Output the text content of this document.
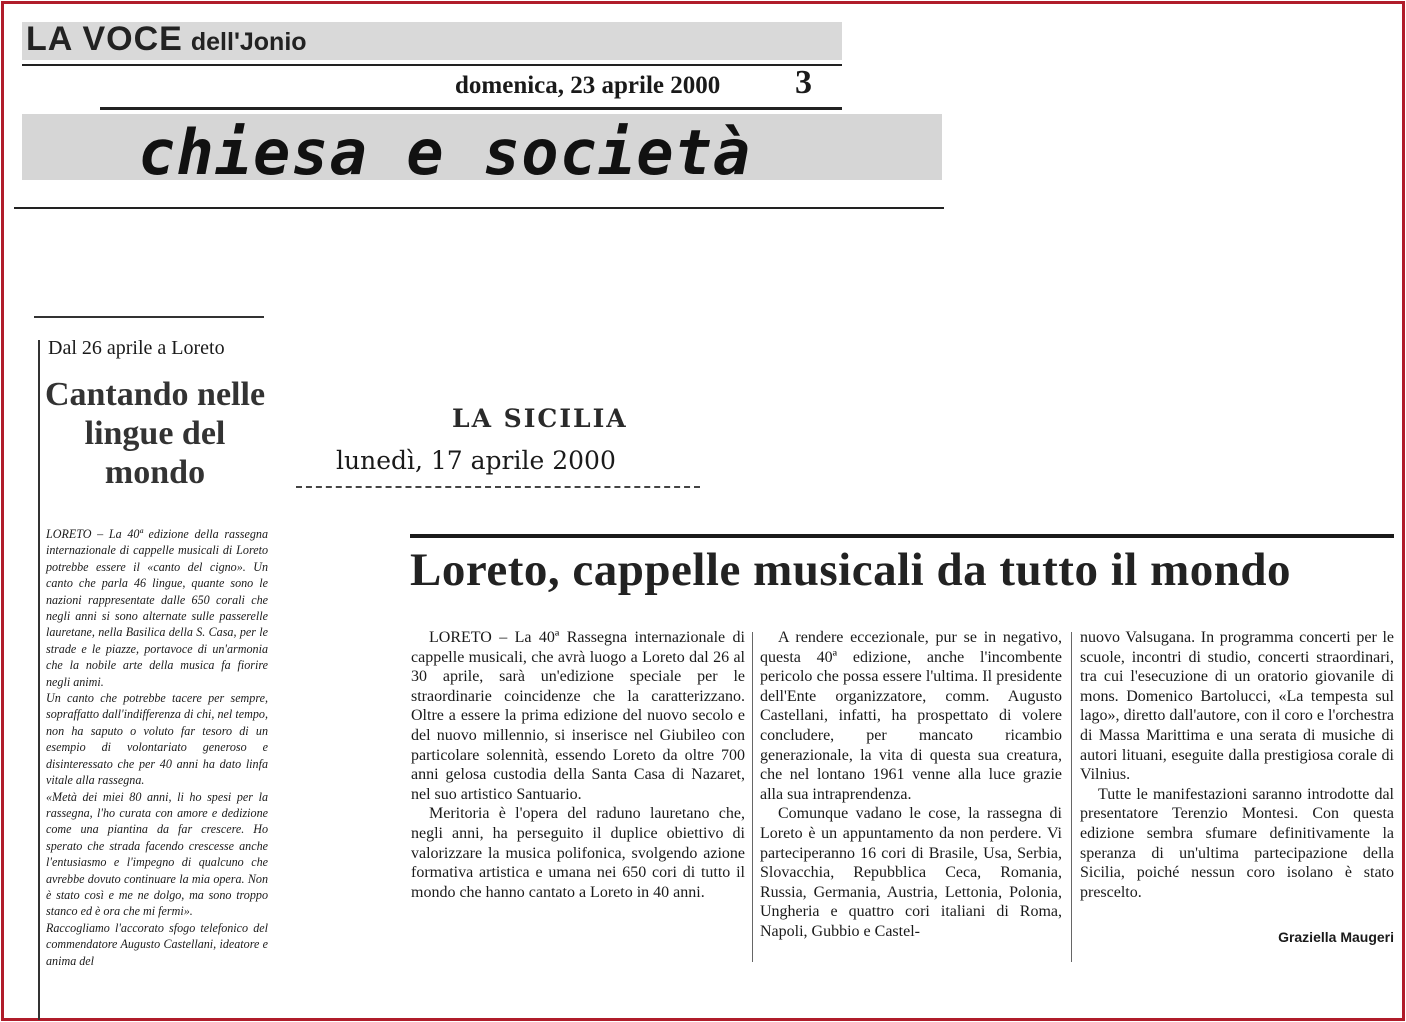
LA VOCE dell'Jonio
domenica, 23 aprile 2000 3
chiesa e società
Dal 26 aprile a Loreto
Cantando nelle lingue del mondo

LORETO – La 40ª edizione della rassegna internazionale di cappelle musicali di Loreto potrebbe essere il «canto del cigno». Un canto che parla 46 lingue, quante sono le nazioni rappresentate dalle 650 corali che negli anni si sono alternate sulle passerelle lauretane, nella Basilica della S. Casa, per le strade e le piazze, portavoce di un'armonia che la nobile arte della musica fa fiorire negli animi.

Un canto che potrebbe tacere per sempre, sopraffatto dall'indifferenza di chi, nel tempo, non ha saputo o voluto far tesoro di un esempio di volontariato generoso e disinteressato che per 40 anni ha dato linfa vitale alla rassegna.

«Metà dei miei 80 anni, li ho spesi per la rassegna, l'ho curata con amore e dedizione come una piantina da far crescere. Ho sperato che strada facendo crescesse anche l'entusiasmo e l'impegno di qualcuno che avrebbe dovuto continuare la mia opera. Non è stato così e me ne dolgo, ma sono troppo stanco ed è ora che mi fermi».

Raccogliamo l'accorato sfogo telefonico del commendatore Augusto Castellani, ideatore e anima del

LA SICILIA
lunedì, 17 aprile 2000
Loreto, cappelle musicali da tutto il mondo

LORETO – La 40ª Rassegna internazionale di cappelle musicali, che avrà luogo a Loreto dal 26 al 30 aprile, sarà un'edizione speciale per le straordinarie coincidenze che la caratterizzano. Oltre a essere la prima edizione del nuovo secolo e del nuovo millennio, si inserisce nel Giubileo con particolare solennità, essendo Loreto da oltre 700 anni gelosa custodia della Santa Casa di Nazaret, nel suo artistico Santuario.

Meritoria è l'opera del raduno lauretano che, negli anni, ha perseguito il duplice obiettivo di valorizzare la musica polifonica, svolgendo azione formativa artistica e umana nei 650 cori di tutto il mondo che hanno cantato a Loreto in 40 anni.

A rendere eccezionale, pur se in negativo, questa 40ª edizione, anche l'incombente pericolo che possa essere l'ultima. Il presidente dell'Ente organizzatore, comm. Augusto Castellani, infatti, ha prospettato di volere concludere, per mancato ricambio generazionale, la vita di questa sua creatura, che nel lontano 1961 venne alla luce grazie alla sua intraprendenza.

Comunque vadano le cose, la rassegna di Loreto è un appuntamento da non perdere. Vi parteciperanno 16 cori di Brasile, Usa, Serbia, Slovacchia, Repubblica Ceca, Romania, Russia, Germania, Austria, Lettonia, Polonia, Ungheria e quattro cori italiani di Roma, Napoli, Gubbio e Castel-

nuovo Valsugana. In programma concerti per le scuole, incontri di studio, concerti straordinari, tra cui l'esecuzione di un oratorio giovanile di mons. Domenico Bartolucci, «La tempesta sul lago», diretto dall'autore, con il coro e l'orchestra di Massa Marittima e una serata di musiche di autori lituani, eseguite dalla prestigiosa corale di Vilnius.

Tutte le manifestazioni saranno introdotte dal presentatore Terenzio Montesi. Con questa edizione sembra sfumare definitivamente la speranza di un'ultima partecipazione della Sicilia, poiché nessun coro isolano è stato prescelto.

Graziella Maugeri
